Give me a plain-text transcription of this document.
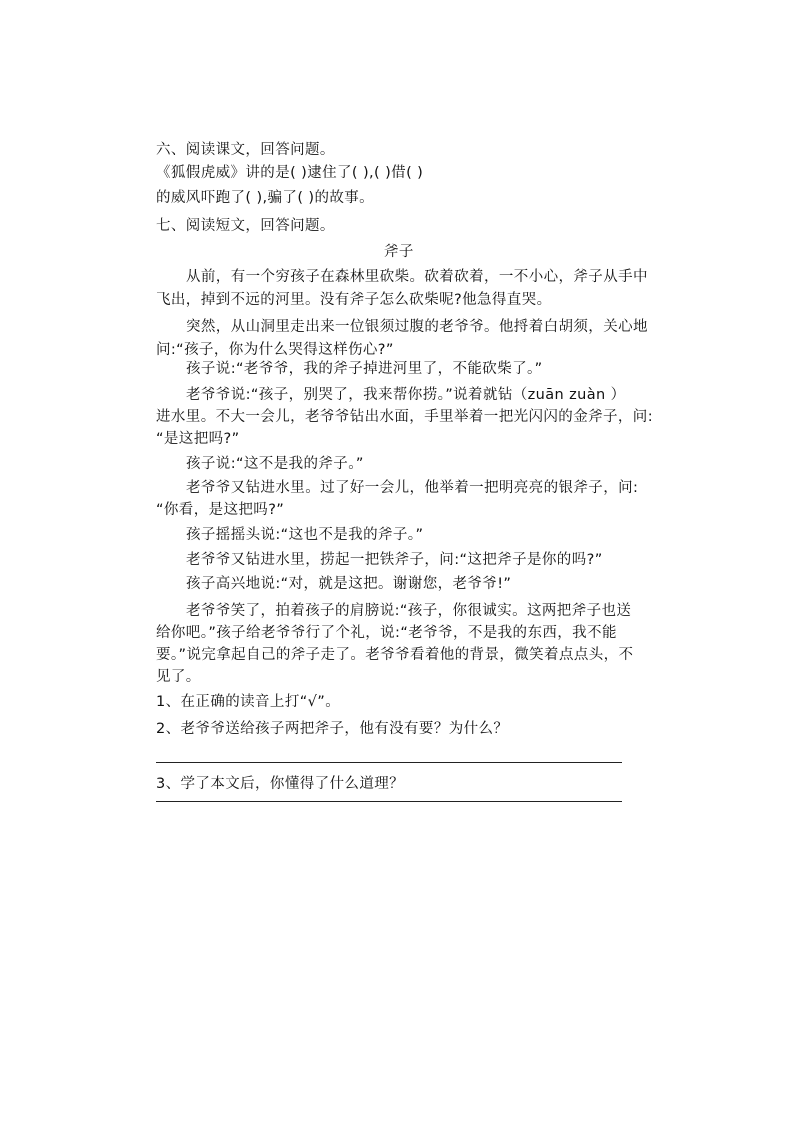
六、阅读课文，回答问题。
《狐假虎威》讲的是( )逮住了( ),( )借( )
的威风吓跑了( ),骗了( )的故事。
七、阅读短文，回答问题。
斧子
从前，有一个穷孩子在森林里砍柴。砍着砍着，一不小心，斧子从手中
飞出，掉到不远的河里。没有斧子怎么砍柴呢?他急得直哭。
突然，从山洞里走出来一位银须过腹的老爷爷。他捋着白胡须，关心地
问:“孩子，你为什么哭得这样伤心?”
孩子说:“老爷爷，我的斧子掉进河里了，不能砍柴了。”
老爷爷说:“孩子，别哭了，我来帮你捞。”说着就钻（zuān zuàn ）
进水里。不大一会儿，老爷爷钻出水面，手里举着一把光闪闪的金斧子，问:
“是这把吗?”
孩子说:“这不是我的斧子。”
老爷爷又钻进水里。过了好一会儿，他举着一把明亮亮的银斧子，问:
“你看，是这把吗?”
孩子摇摇头说:“这也不是我的斧子。”
老爷爷又钻进水里，捞起一把铁斧子，问:“这把斧子是你的吗?”
孩子高兴地说:“对，就是这把。谢谢您，老爷爷!”
老爷爷笑了，拍着孩子的肩膀说:“孩子，你很诚实。这两把斧子也送
给你吧。”孩子给老爷爷行了个礼，说:“老爷爷，不是我的东西，我不能
要。”说完拿起自己的斧子走了。老爷爷看着他的背景，微笑着点点头，不
见了。
1、在正确的读音上打“√”。
2、老爷爷送给孩子两把斧子，他有没有要？为什么？
3、学了本文后，你懂得了什么道理？
